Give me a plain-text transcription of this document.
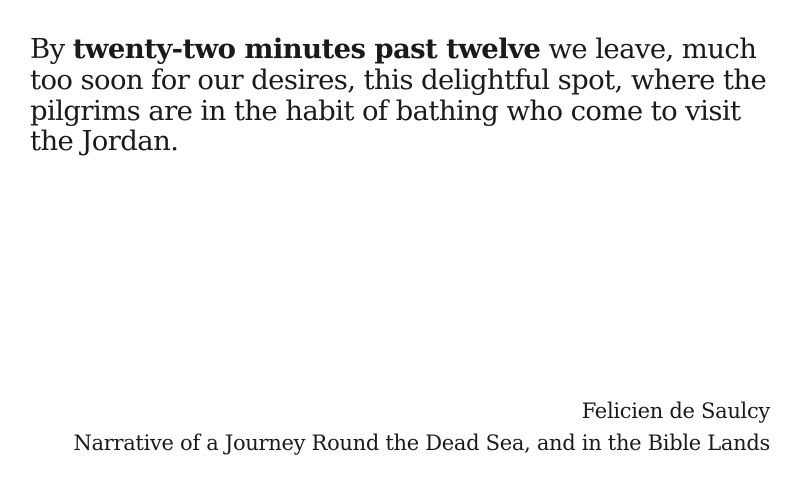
By twenty-two minutes past twelve we leave, much too soon for our desires, this delightful spot, where the pilgrims are in the habit of bathing who come to visit the Jordan.

Felicien de Saulcy
Narrative of a Journey Round the Dead Sea, and in the Bible Lands
